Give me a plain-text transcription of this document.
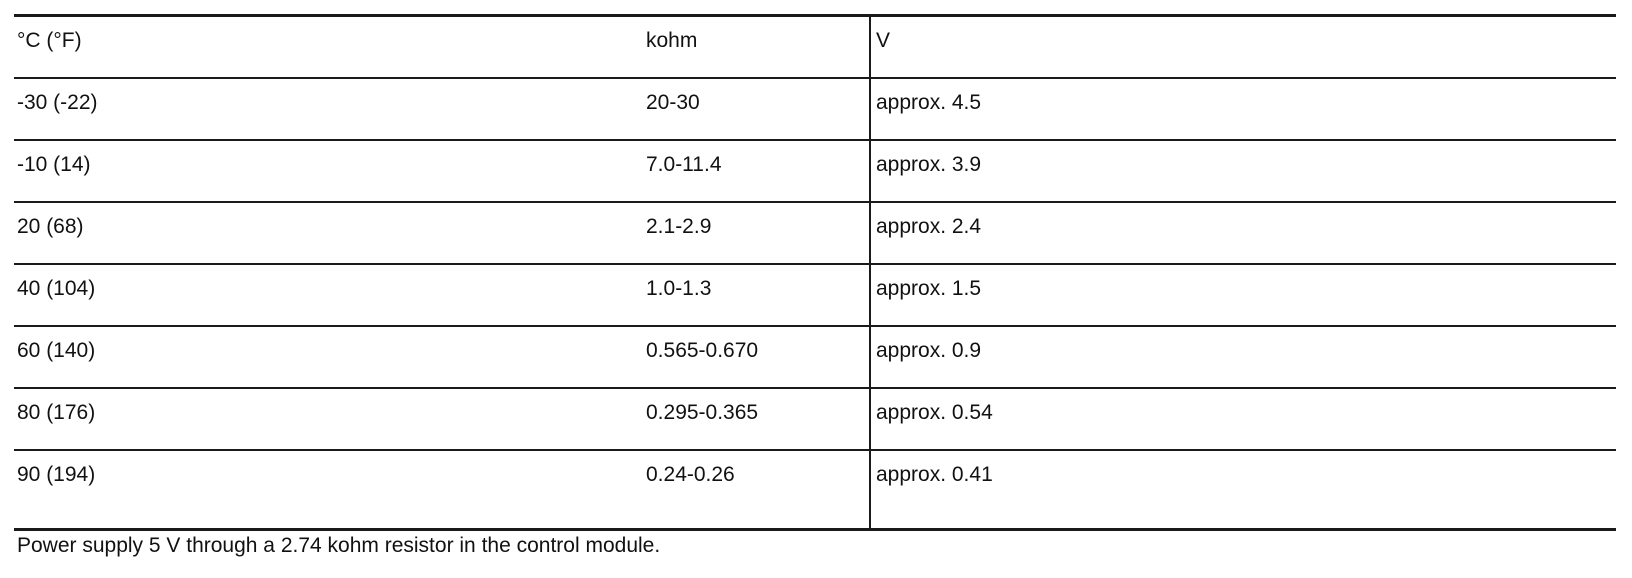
°C (°F)	kohm	V
-30 (-22)	20-30	approx. 4.5
-10 (14)	7.0-11.4	approx. 3.9
20 (68)	2.1-2.9	approx. 2.4
40 (104)	1.0-1.3	approx. 1.5
60 (140)	0.565-0.670	approx. 0.9
80 (176)	0.295-0.365	approx. 0.54
90 (194)	0.24-0.26	approx. 0.41
Power supply 5 V through a 2.74 kohm resistor in the control module.
